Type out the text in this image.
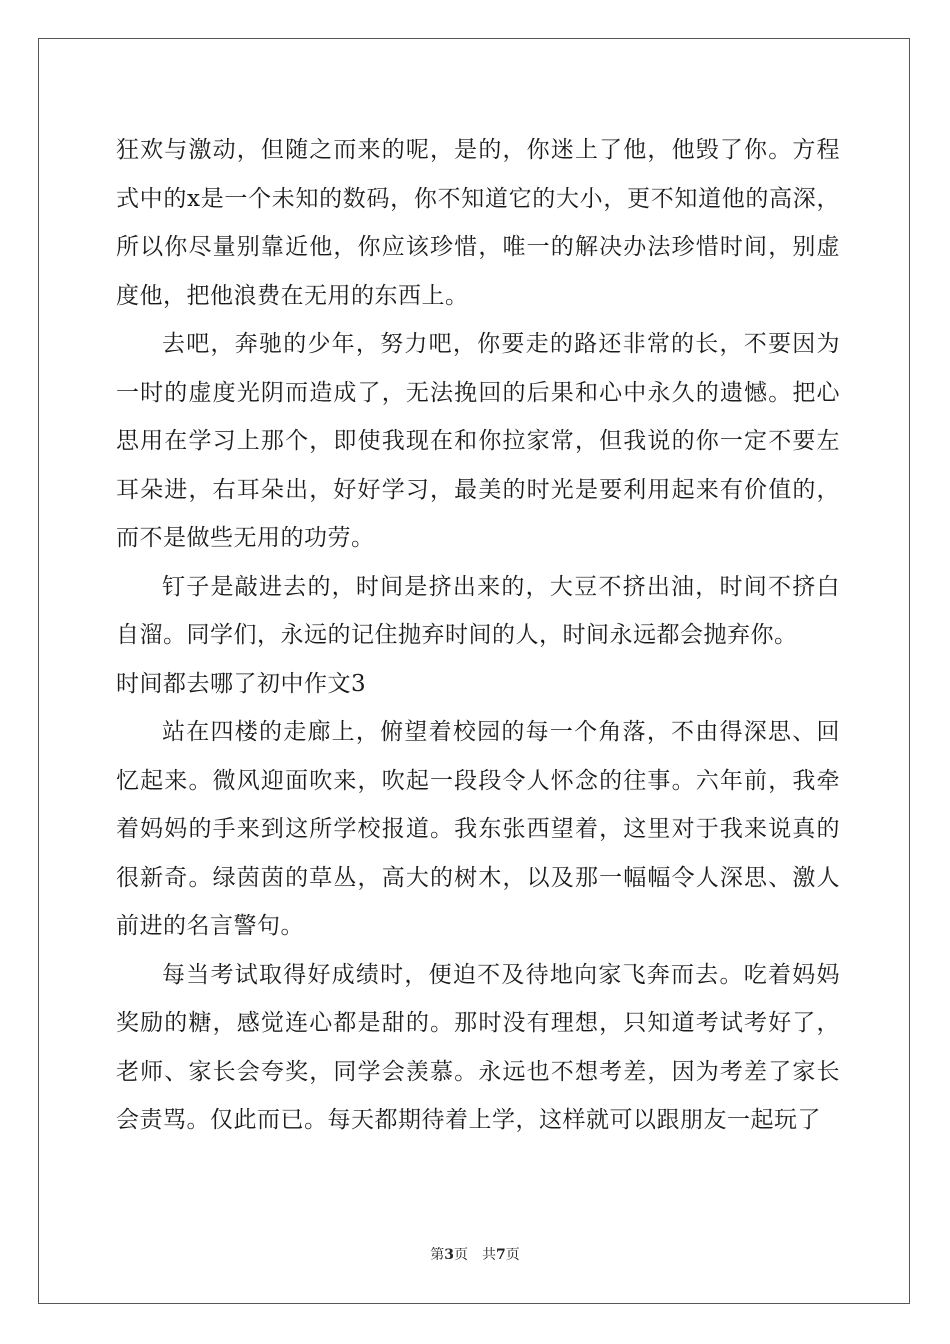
狂欢与激动，但随之而来的呢，是的，你迷上了他，他毁了你。方程式中的x是一个未知的数码，你不知道它的大小，更不知道他的高深，所以你尽量别靠近他，你应该珍惜，唯一的解决办法珍惜时间，别虚度他，把他浪费在无用的东西上。

去吧，奔驰的少年，努力吧，你要走的路还非常的长，不要因为一时的虚度光阴而造成了，无法挽回的后果和心中永久的遗憾。把心思用在学习上那个，即使我现在和你拉家常，但我说的你一定不要左耳朵进，右耳朵出，好好学习，最美的时光是要利用起来有价值的，而不是做些无用的功劳。

钉子是敲进去的，时间是挤出来的，大豆不挤出油，时间不挤白自溜。同学们，永远的记住抛弃时间的人，时间永远都会抛弃你。

时间都去哪了初中作文3

站在四楼的走廊上，俯望着校园的每一个角落，不由得深思、回忆起来。微风迎面吹来，吹起一段段令人怀念的往事。六年前，我牵着妈妈的手来到这所学校报道。我东张西望着，这里对于我来说真的很新奇。绿茵茵的草丛，高大的树木，以及那一幅幅令人深思、激人前进的名言警句。

每当考试取得好成绩时，便迫不及待地向家飞奔而去。吃着妈妈奖励的糖，感觉连心都是甜的。那时没有理想，只知道考试考好了，老师、家长会夸奖，同学会羡慕。永远也不想考差，因为考差了家长会责骂。仅此而已。每天都期待着上学，这样就可以跟朋友一起玩了

第3页 共7页
